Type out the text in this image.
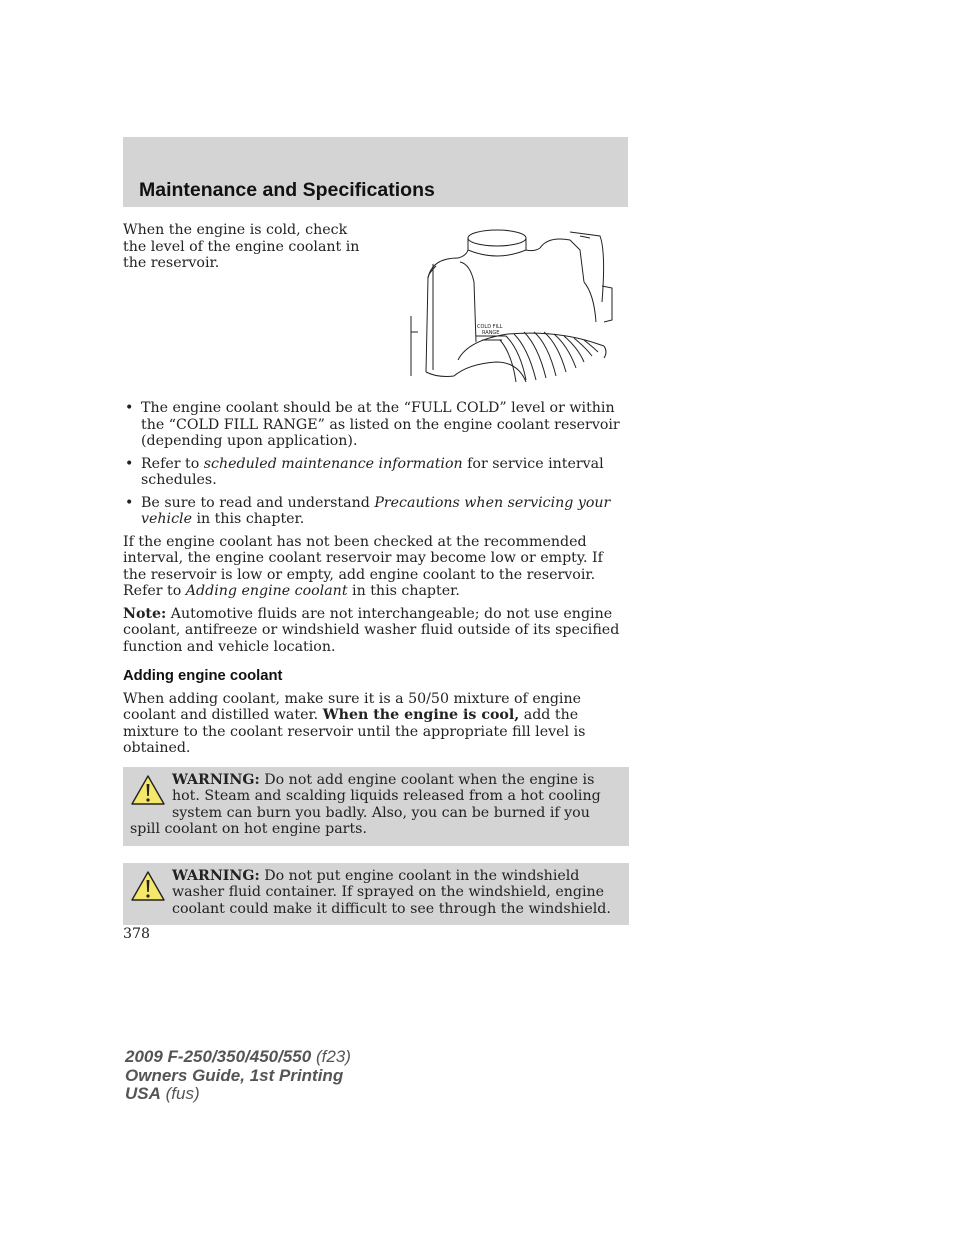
Maintenance and Specifications
When the engine is cold, check the level of the engine coolant in the reservoir.
COLD FILL
RANGE
• The engine coolant should be at the “FULL COLD” level or within the “COLD FILL RANGE” as listed on the engine coolant reservoir (depending upon application).
• Refer to scheduled maintenance information for service interval schedules.
• Be sure to read and understand Precautions when servicing your vehicle in this chapter.

If the engine coolant has not been checked at the recommended interval, the engine coolant reservoir may become low or empty. If the reservoir is low or empty, add engine coolant to the reservoir. Refer to Adding engine coolant in this chapter.

Note: Automotive fluids are not interchangeable; do not use engine coolant, antifreeze or windshield washer fluid outside of its specified function and vehicle location.

Adding engine coolant

When adding coolant, make sure it is a 50/50 mixture of engine coolant and distilled water. When the engine is cool, add the mixture to the coolant reservoir until the appropriate fill level is obtained.

WARNING: Do not add engine coolant when the engine is hot. Steam and scalding liquids released from a hot cooling system can burn you badly. Also, you can be burned if you spill coolant on hot engine parts.
WARNING: Do not put engine coolant in the windshield washer fluid container. If sprayed on the windshield, engine coolant could make it difficult to see through the windshield.
378
2009 F-250/350/450/550 (f23)
Owners Guide, 1st Printing
USA (fus)
